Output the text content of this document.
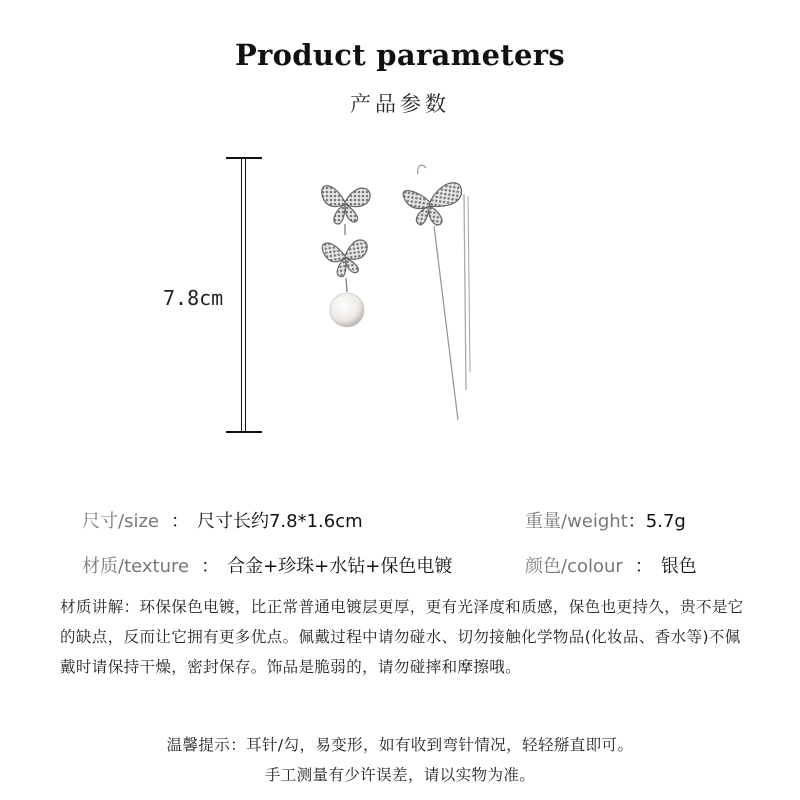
Product parameters
产品参数
7.8cm
尺寸/size ： 尺寸长约7.8*1.6cm	重量/weight：5.7g
材质/texture ： 合金+珍珠+水钻+保色电镀	颜色/colour ： 银色
材质讲解：环保保色电镀，比正常普通电镀层更厚，更有光泽度和质感，保色也更持久，贵不是它的缺点，反而让它拥有更多优点。佩戴过程中请勿碰水、切勿接触化学物品(化妆品、香水等)不佩戴时请保持干燥，密封保存。饰品是脆弱的，请勿碰摔和摩擦哦。
温馨提示：耳针/勾，易变形，如有收到弯针情况，轻轻掰直即可。
手工测量有少许误差，请以实物为准。
